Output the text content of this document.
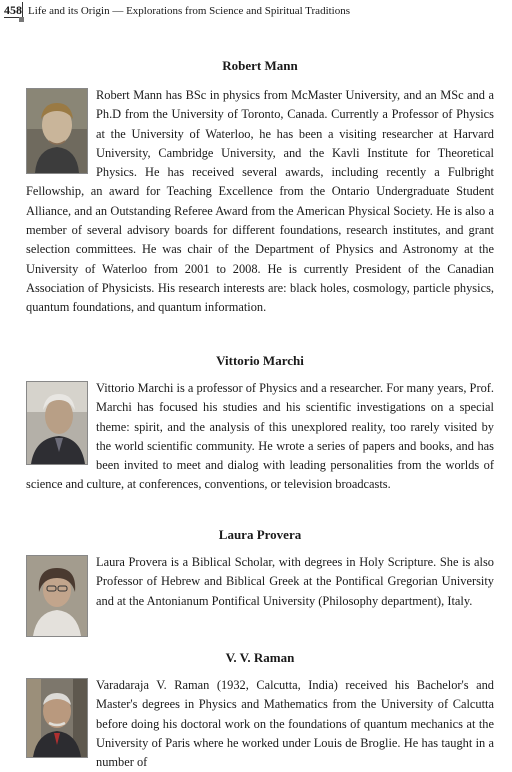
458 Life and its Origin — Explorations from Science and Spiritual Traditions
Robert Mann
Robert Mann has BSc in physics from McMaster University, and an MSc and a Ph.D from the University of Toronto, Canada. Currently a Professor of Physics at the University of Waterloo, he has been a visiting researcher at Harvard University, Cambridge University, and the Kavli Institute for Theoretical Physics. He has received several awards, including recently a Fulbright Fellowship, an award for Teaching Excellence from the Ontario Undergraduate Student Alliance, and an Outstanding Referee Award from the American Physical Society. He is also a member of several advisory boards for different foundations, research institutes, and grant selection committees. He was chair of the Department of Physics and Astronomy at the University of Waterloo from 2001 to 2008. He is currently President of the Canadian Association of Physicists. His research interests are: black holes, cosmology, particle physics, quantum foundations, and quantum information.
Vittorio Marchi
Vittorio Marchi is a professor of Physics and a researcher. For many years, Prof. Marchi has focused his studies and his scientific investigations on a special theme: spirit, and the analysis of this unexplored reality, too rarely visited by the world scientific community. He wrote a series of papers and books, and has been invited to meet and dialog with leading personalities from the worlds of science and culture, at conferences, conventions, or television broadcasts.
Laura Provera
Laura Provera is a Biblical Scholar, with degrees in Holy Scripture. She is also Professor of Hebrew and Biblical Greek at the Pontifical Gregorian University and at the Antonianum Pontifical University (Philosophy department), Italy.
V. V. Raman
Varadaraja V. Raman (1932, Calcutta, India) received his Bachelor's and Master's degrees in Physics and Mathematics from the University of Calcutta before doing his doctoral work on the foundations of quantum mechanics at the University of Paris where he worked under Louis de Broglie. He has taught in a number of
